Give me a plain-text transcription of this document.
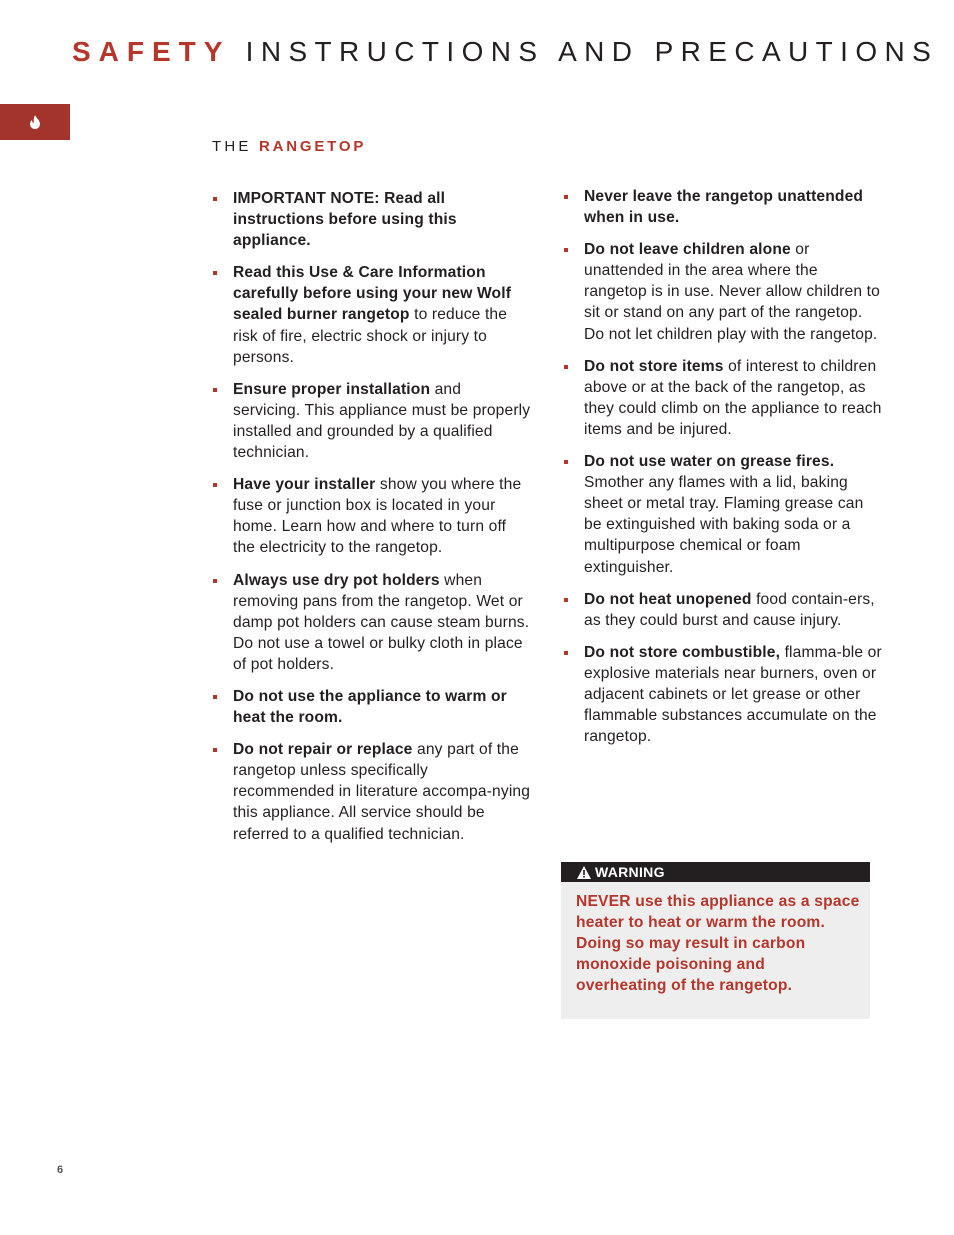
SAFETY INSTRUCTIONS AND PRECAUTIONS
THE RANGETOP
IMPORTANT NOTE: Read all instructions before using this appliance.
Read this Use & Care Information carefully before using your new Wolf sealed burner rangetop to reduce the risk of fire, electric shock or injury to persons.
Ensure proper installation and servicing. This appliance must be properly installed and grounded by a qualified technician.
Have your installer show you where the fuse or junction box is located in your home. Learn how and where to turn off the electricity to the rangetop.
Always use dry pot holders when removing pans from the rangetop. Wet or damp pot holders can cause steam burns. Do not use a towel or bulky cloth in place of pot holders.
Do not use the appliance to warm or heat the room.
Do not repair or replace any part of the rangetop unless specifically recommended in literature accompa-nying this appliance. All service should be referred to a qualified technician.
Never leave the rangetop unattended when in use.
Do not leave children alone or unattended in the area where the rangetop is in use. Never allow children to sit or stand on any part of the rangetop. Do not let children play with the rangetop.
Do not store items of interest to children above or at the back of the rangetop, as they could climb on the appliance to reach items and be injured.
Do not use water on grease fires. Smother any flames with a lid, baking sheet or metal tray. Flaming grease can be extinguished with baking soda or a multipurpose chemical or foam extinguisher.
Do not heat unopened food contain-ers, as they could burst and cause injury.
Do not store combustible, flamma-ble or explosive materials near burners, oven or adjacent cabinets or let grease or other flammable substances accumulate on the rangetop.
WARNING
NEVER use this appliance as a space heater to heat or warm the room. Doing so may result in carbon monoxide poisoning and overheating of the rangetop.
6
